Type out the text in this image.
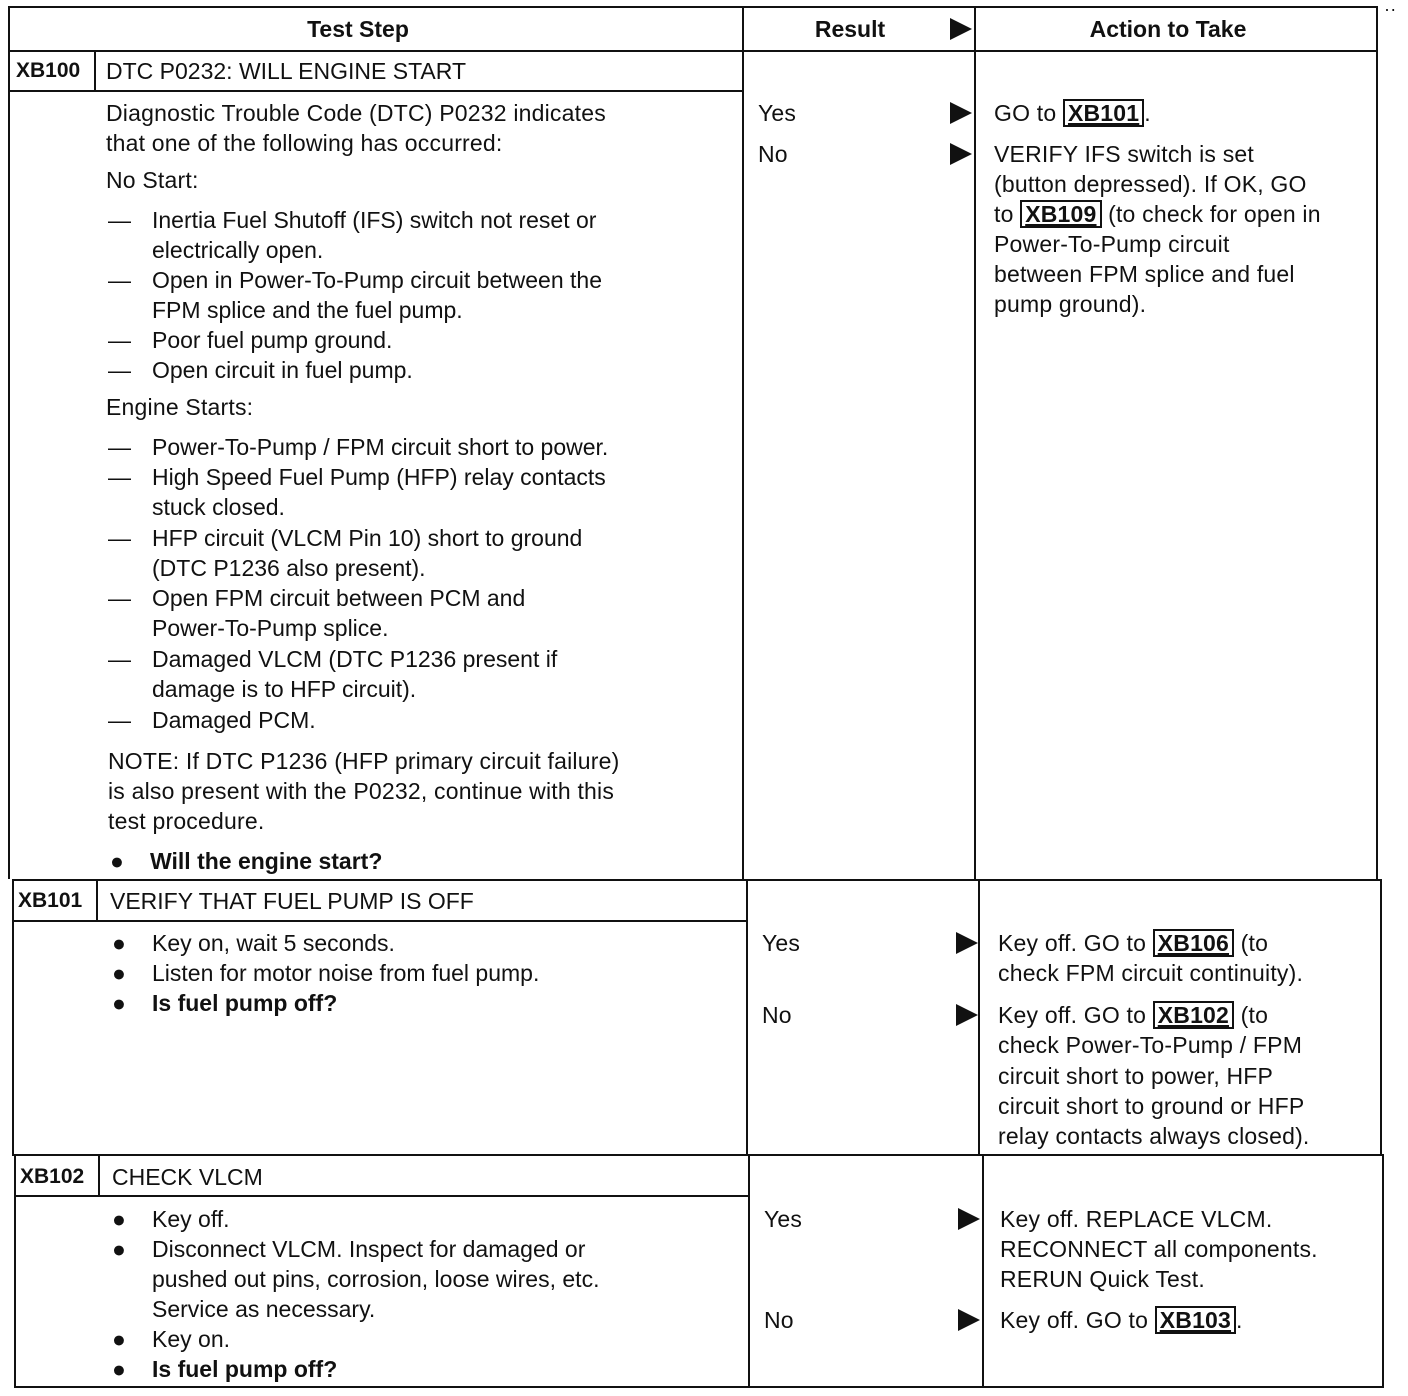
··
Test Step	Result	Action to Take
XB100 DTC P0232: WILL ENGINE START
Diagnostic Trouble Code (DTC) P0232 indicates
that one of the following has occurred:
No Start:
— Inertia Fuel Shutoff (IFS) switch not reset or
electrically open.
— Open in Power-To-Pump circuit between the
FPM splice and the fuel pump.
— Poor fuel pump ground.
— Open circuit in fuel pump.
Engine Starts:
— Power-To-Pump / FPM circuit short to power.
— High Speed Fuel Pump (HFP) relay contacts
stuck closed.
— HFP circuit (VLCM Pin 10) short to ground
(DTC P1236 also present).
— Open FPM circuit between PCM and
Power-To-Pump splice.
— Damaged VLCM (DTC P1236 present if
damage is to HFP circuit).
— Damaged PCM.
NOTE: If DTC P1236 (HFP primary circuit failure)
is also present with the P0232, continue with this
test procedure.
● Will the engine start?
Yes
No
GO to XB101 .
VERIFY IFS switch is set
(button depressed). If OK, GO
to XB109 (to check for open in
Power-To-Pump circuit
between FPM splice and fuel
pump ground).
XB101 VERIFY THAT FUEL PUMP IS OFF
● Key on, wait 5 seconds.
● Listen for motor noise from fuel pump.
● Is fuel pump off?
Yes
No
Key off. GO to XB106 (to
check FPM circuit continuity).
Key off. GO to XB102 (to
check Power-To-Pump / FPM
circuit short to power, HFP
circuit short to ground or HFP
relay contacts always closed).
XB102 CHECK VLCM
● Key off.
● Disconnect VLCM. Inspect for damaged or
pushed out pins, corrosion, loose wires, etc.
Service as necessary.
● Key on.
● Is fuel pump off?
Yes
No
Key off. REPLACE VLCM.
RECONNECT all components.
RERUN Quick Test.
Key off. GO to XB103 .
